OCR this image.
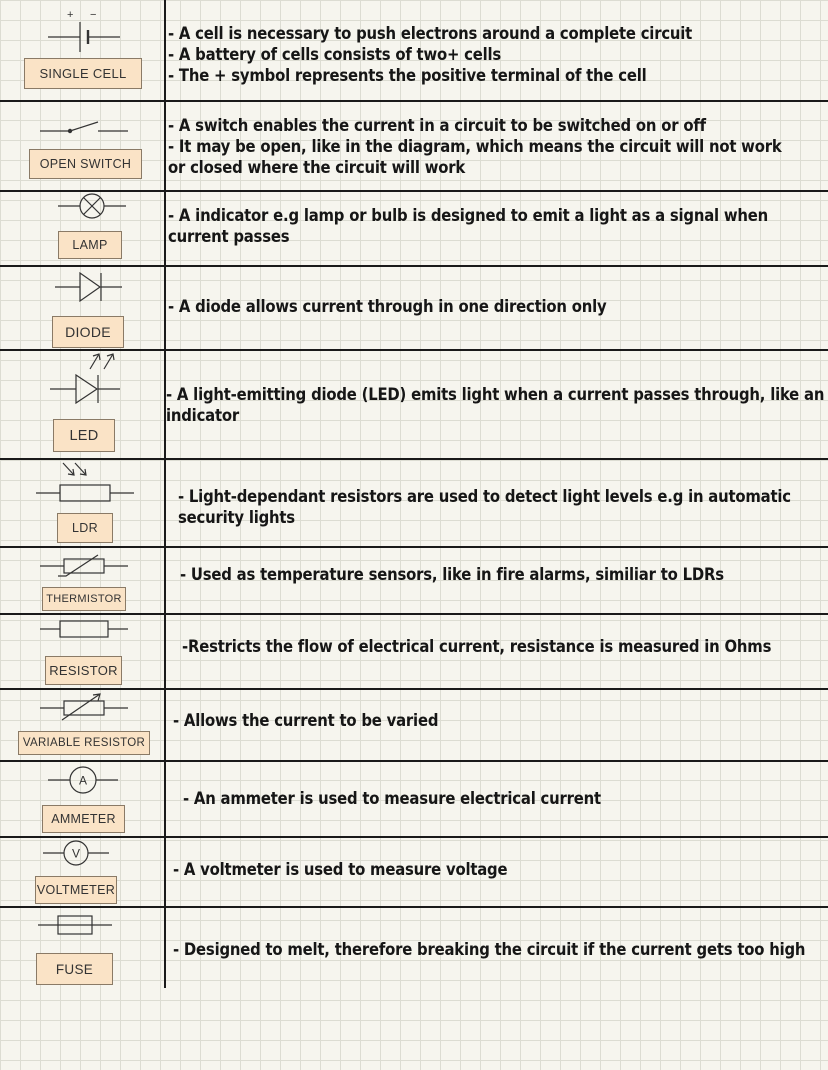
+ −
SINGLE CELL
- A cell is necessary to push electrons around a complete circuit
- A battery of cells consists of two+ cells
- The + symbol represents the positive terminal of the cell
OPEN SWITCH
- A switch enables the current in a circuit to be switched on or off
- It may be open, like in the diagram, which means the circuit will not work
or closed where the circuit will work
LAMP
- A indicator e.g lamp or bulb is designed to emit a light as a signal when
current passes
DIODE
- A diode allows current through in one direction only
LED
- A light-emitting diode (LED) emits light when a current passes through, like an
indicator
LDR
- Light-dependant resistors are used to detect light levels e.g in automatic
security lights
THERMISTOR
- Used as temperature sensors, like in fire alarms, similiar to LDRs
RESISTOR
-Restricts the flow of electrical current, resistance is measured in Ohms
VARIABLE RESISTOR
- Allows the current to be varied
A
AMMETER
- An ammeter is used to measure electrical current
V
VOLTMETER
- A voltmeter is used to measure voltage
FUSE
- Designed to melt, therefore breaking the circuit if the current gets too high
